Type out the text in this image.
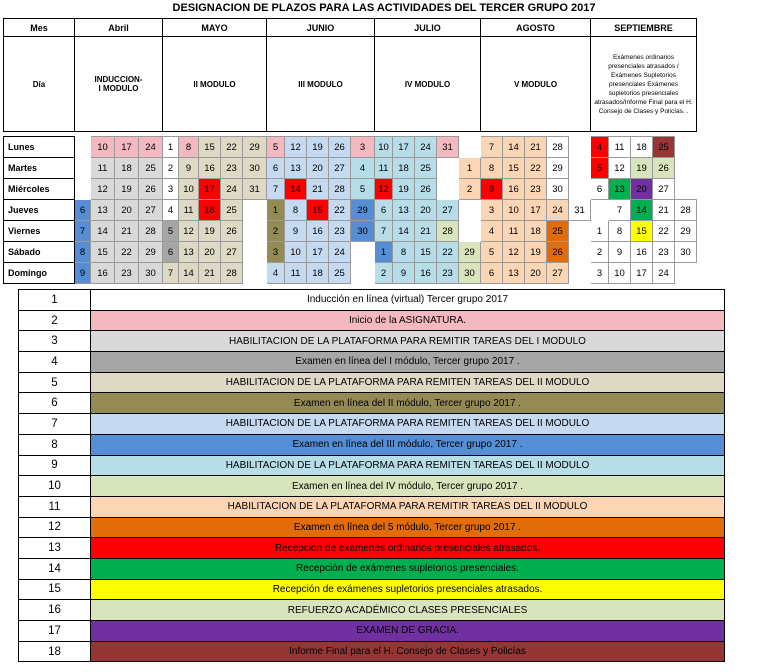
DESIGNACION DE PLAZOS PARA LAS ACTIVIDADES DEL TERCER GRUPO 2017
Mes	Abril				MAYO					JUNIO					JULIO					AGOSTO					SEPTIEMBRE				
Día	INDUCCION- I MODULO				II MODULO					III MODULO					IV MODULO					V MODULO					Exámenes ordinarios presenciales atrasados / Exámenes Supletorios presenciales Exámenes supletorios presenciales atrasados/Informe Final para el H. Consejo de Clases y Policías. .				

Lunes		10	17	24	1	8	15	22	29	5	12	19	26	3	10	17	24	31		7	14	21	28		4	11	18	25	
Martes		11	18	25	2	9	16	23	30	6	13	20	27	4	11	18	25		1	8	15	22	29		5	12	19	26	
Miércoles		12	19	26	3	10	17	24	31	7	14	21	28	5	12	19	26		2	9	16	23	30		6	13	20	27	
Jueves	6	13	20	27	4	11	18	25		1	8	15	22	29	6	13	20	27		3	10	17	24	31		7	14	21	28
Viernes	7	14	21	28	5	12	19	26		2	9	16	23	30	7	14	21	28		4	11	18	25		1	8	15	22	29
Sábado	8	15	22	29	6	13	20	27		3	10	17	24		1	8	15	22	29	5	12	19	26		2	9	16	23	30
Domingo	9	16	23	30	7	14	21	28		4	11	18	25		2	9	16	23	30	6	13	20	27		3	10	17	24	
1	Inducción en línea (virtual) Tercer grupo 2017
2	Inicio de la ASIGNATURA.
3	HABILITACION DE LA PLATAFORMA PARA REMITIR TAREAS DEL I MODULO
4	Examen en línea del I módulo, Tercer grupo 2017 .
5	HABILITACION DE LA PLATAFORMA PARA REMITEN TAREAS DEL II MODULO
6	Examen en línea del II módulo, Tercer grupo 2017 .
7	HABILITACION DE LA PLATAFORMA PARA REMITEN TAREAS DEL II MODULO
8	Examen en línea del III módulo, Tercer grupo 2017 .
9	HABILITACION DE LA PLATAFORMA PARA REMITEN TAREAS DEL II MODULO
10	Examen en línea del IV módulo, Tercer grupo 2017 .
11	HABILITACION DE LA PLATAFORMA PARA REMITIR TAREAS DEL II MODULO
12	Examen en línea del 5 módulo, Tercer grupo 2017 .
13	Recepcion de examenes ordinarios presenciales atrasados.
14	Recepción de exámenes supletorios presenciales.
15	Recepción de exámenes supletorios presenciales atrasados.
16	REFUERZO ACADÉMICO CLASES PRESENCIALES
17	EXAMEN DE GRACIA.
18	Informe Final para el H. Consejo de Clases y Policías
